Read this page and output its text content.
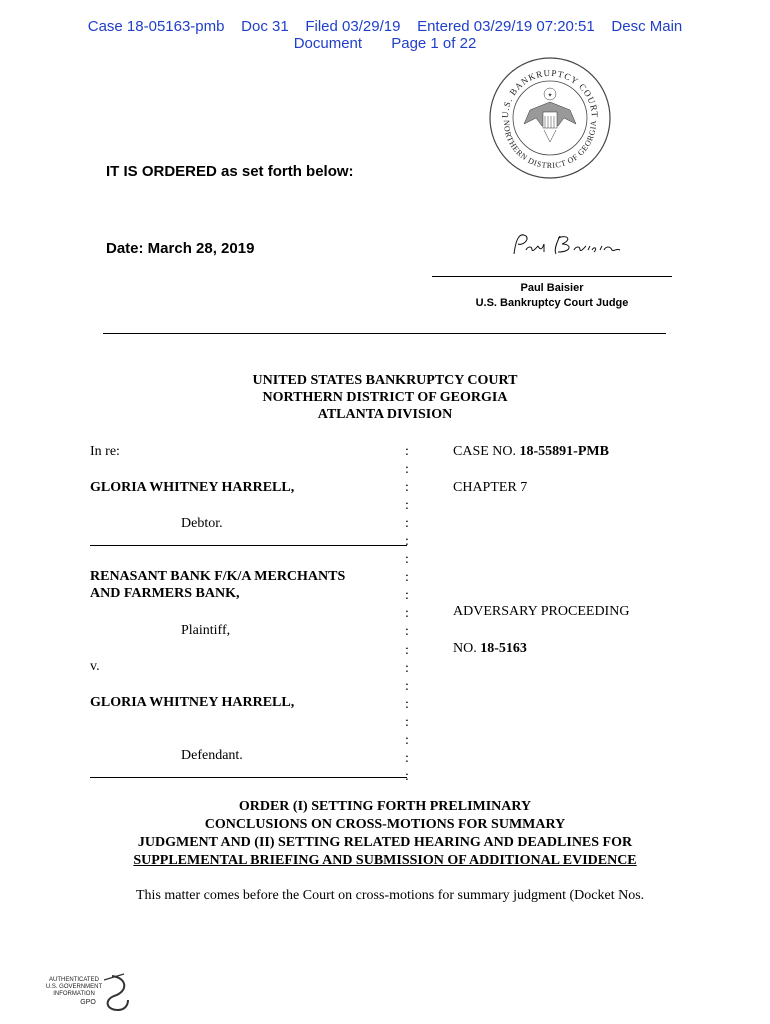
Case 18-05163-pmb    Doc 31    Filed 03/29/19    Entered 03/29/19 07:20:51    Desc Main
Document       Page 1 of 22
U.S. BANKRUPTCY COURT
NORTHERN DISTRICT OF GEORGIA
✦
IT IS ORDERED as set forth below:
Date: March 28, 2019
Paul Baisier
U.S. Bankruptcy Court Judge
UNITED STATES BANKRUPTCY COURT
NORTHERN DISTRICT OF GEORGIA
ATLANTA DIVISION
In re:
GLORIA WHITNEY HARRELL,
Debtor.
RENASANT BANK F/K/A MERCHANTS
AND FARMERS BANK,
Plaintiff,
v.
GLORIA WHITNEY HARRELL,
Defendant.
:
:
:
:
:
:
:
:
:
:
:
:
:
:
:
:
:
:
:
CASE NO. 18-55891-PMB
CHAPTER 7
ADVERSARY PROCEEDING
NO. 18-5163
ORDER (I) SETTING FORTH PRELIMINARY
CONCLUSIONS ON CROSS-MOTIONS FOR SUMMARY
JUDGMENT AND (II) SETTING RELATED HEARING AND DEADLINES FOR
SUPPLEMENTAL BRIEFING AND SUBMISSION OF ADDITIONAL EVIDENCE
This matter comes before the Court on cross-motions for summary judgment (Docket Nos.
AUTHENTICATED
U.S. GOVERNMENT
INFORMATION
GPO
